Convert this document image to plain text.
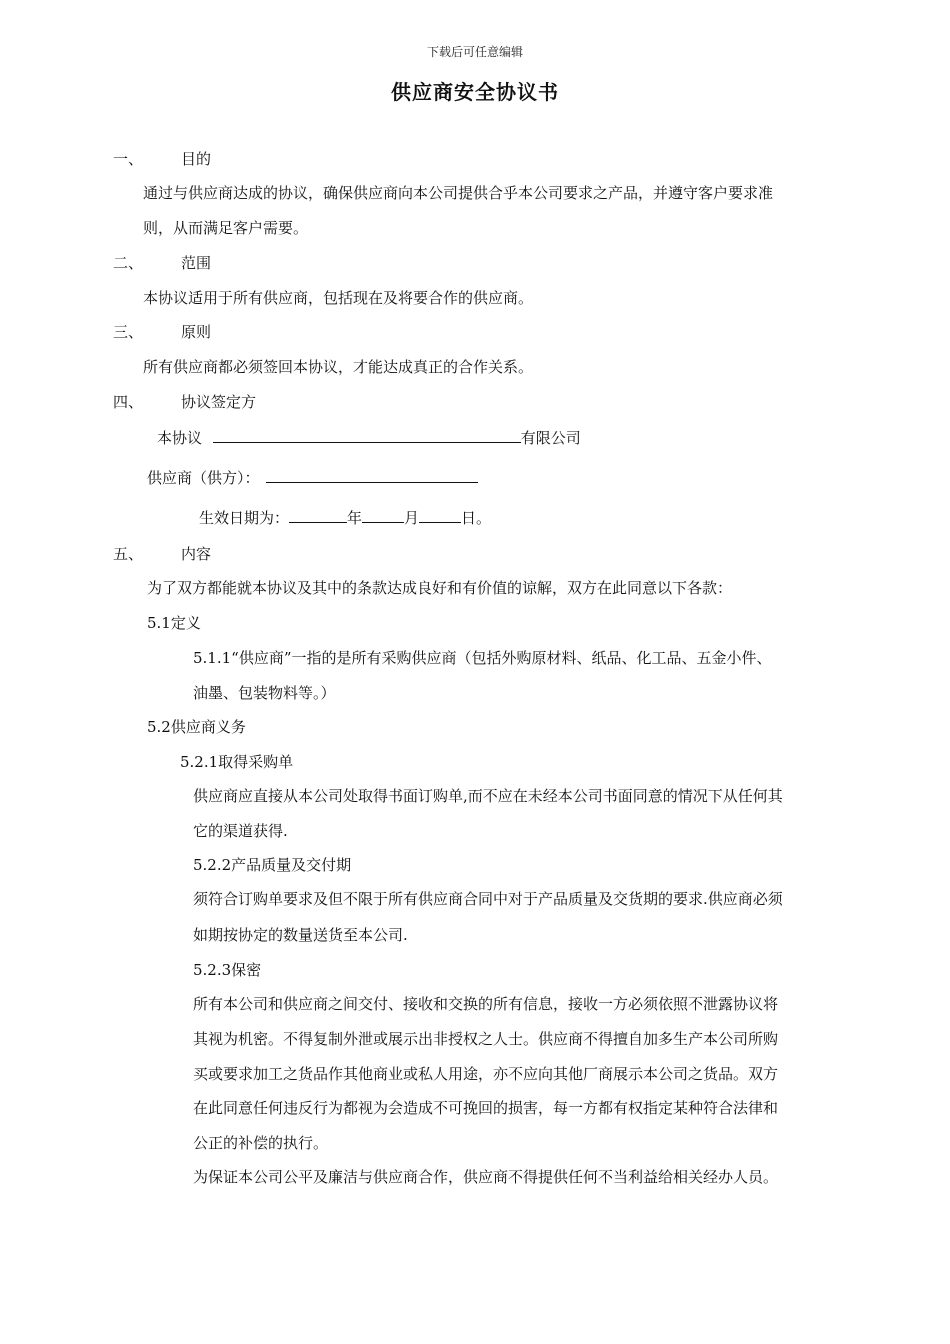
下载后可任意编辑
供应商安全协议书
一、	目的
通过与供应商达成的协议，确保供应商向本公司提供合乎本公司要求之产品，并遵守客户要求准
则，从而满足客户需要。
二、	范围
本协议适用于所有供应商，包括现在及将要合作的供应商。
三、	原则
所有供应商都必须签回本协议，才能达成真正的合作关系。
四、	协议签定方
本协议	有限公司
供应商（供方）：
生效日期为：	年	月	日。
五、	内容
为了双方都能就本协议及其中的条款达成良好和有价值的谅解，双方在此同意以下各款：
5.1定义
5.1.1“供应商”一指的是所有采购供应商（包括外购原材料、纸品、化工品、五金小件、
油墨、包装物料等。）
5.2供应商义务
5.2.1取得采购单
供应商应直接从本公司处取得书面订购单,而不应在未经本公司书面同意的情况下从任何其
它的渠道获得.
5.2.2产品质量及交付期
须符合订购单要求及但不限于所有供应商合同中对于产品质量及交货期的要求.供应商必须
如期按协定的数量送货至本公司.
5.2.3保密
所有本公司和供应商之间交付、接收和交换的所有信息，接收一方必须依照不泄露协议将
其视为机密。不得复制外泄或展示出非授权之人士。供应商不得擅自加多生产本公司所购
买或要求加工之货品作其他商业或私人用途，亦不应向其他厂商展示本公司之货品。双方
在此同意任何违反行为都视为会造成不可挽回的损害，每一方都有权指定某种符合法律和
公正的补偿的执行。
为保证本公司公平及廉洁与供应商合作，供应商不得提供任何不当利益给相关经办人员。
